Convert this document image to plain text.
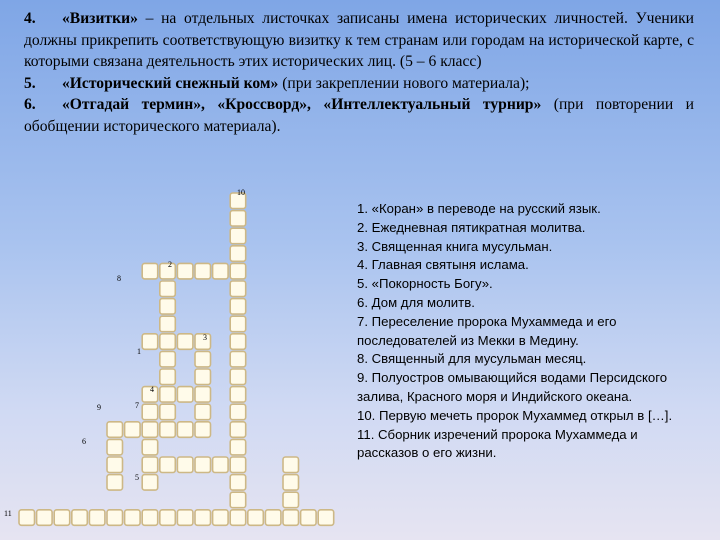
4. «Визитки» – на отдельных листочках записаны имена исторических личностей. Ученики должны прикрепить соответствующую визитку к тем странам или городам на исторической карте, с которыми связана деятельность этих исторических лиц. (5 – 6 класс)

5. «Исторический снежный ком» (при закреплении нового материала);

6. «Отгадай термин», «Кроссворд», «Интеллектуальный турнир» (при повторении и обобщении исторического материала).

10
2
8
3
1
4
9	7
6
5
11
1. «Коран» в переводе на русский язык.
2. Ежедневная пятикратная молитва.
3. Священная книга мусульман.
4. Главная святыня ислама.
5. «Покорность Богу».
6. Дом для молитв.
7. Переселение пророка Мухаммеда и его последователей из Мекки в Медину.
8. Священный для мусульман месяц.
9. Полуостров омывающийся водами Персидского залива, Красного моря и Индийского океана.
10. Первую мечеть пророк Мухаммед открыл в […].
11. Сборник изречений пророка Мухаммеда и рассказов о его жизни.
